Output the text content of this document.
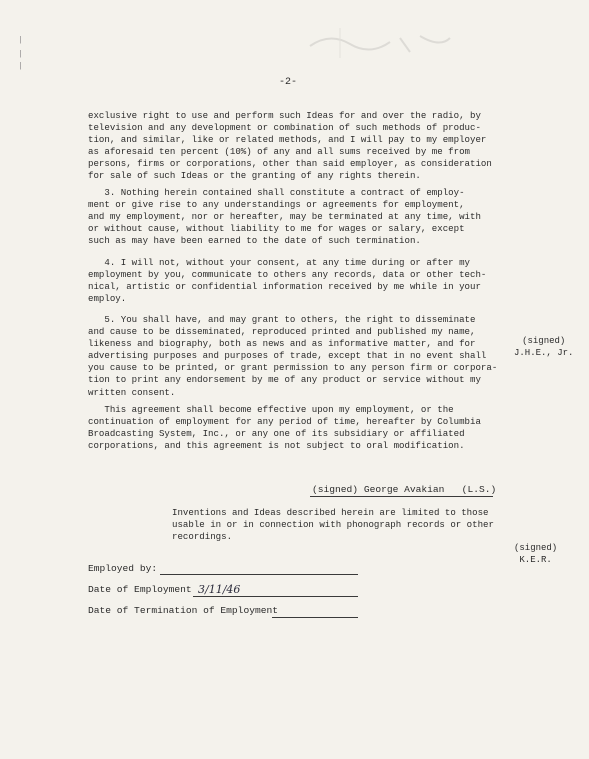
|
|
|
-2-

exclusive right to use and perform such Ideas for and over the radio, by
television and any development or combination of such methods of produc-
tion, and similar, like or related methods, and I will pay to my employer
as aforesaid ten percent (10%) of any and all sums received by me from
persons, firms or corporations, other than said employer, as consideration
for sale of such Ideas or the granting of any rights therein.

3. Nothing herein contained shall constitute a contract of employ-
ment or give rise to any understandings or agreements for employment,
and my employment, nor or hereafter, may be terminated at any time, with
or without cause, without liability to me for wages or salary, except
such as may have been earned to the date of such termination.

4. I will not, without your consent, at any time during or after my
employment by you, communicate to others any records, data or other tech-
nical, artistic or confidential information received by me while in your
employ.

5. You shall have, and may grant to others, the right to disseminate
and cause to be disseminated, reproduced printed and published my name,
likeness and biography, both as news and as informative matter, and for
advertising purposes and purposes of trade, except that in no event shall
you cause to be printed, or grant permission to any person firm or corpora-
tion to print any endorsement by me of any product or service without my
written consent.

(signed)
J.H.E., Jr.

This agreement shall become effective upon my employment, or the
continuation of employment for any period of time, hereafter by Columbia
Broadcasting System, Inc., or any one of its subsidiary or affiliated
corporations, and this agreement is not subject to oral modification.

(signed) George Avakian   (L.S.)
Inventions and Ideas described herein are limited to those
usable in or in connection with phonograph records or other
recordings.
(signed)
K.E.R.
Employed by:
Date of Employment 3/11/46
Date of Termination of Employment
